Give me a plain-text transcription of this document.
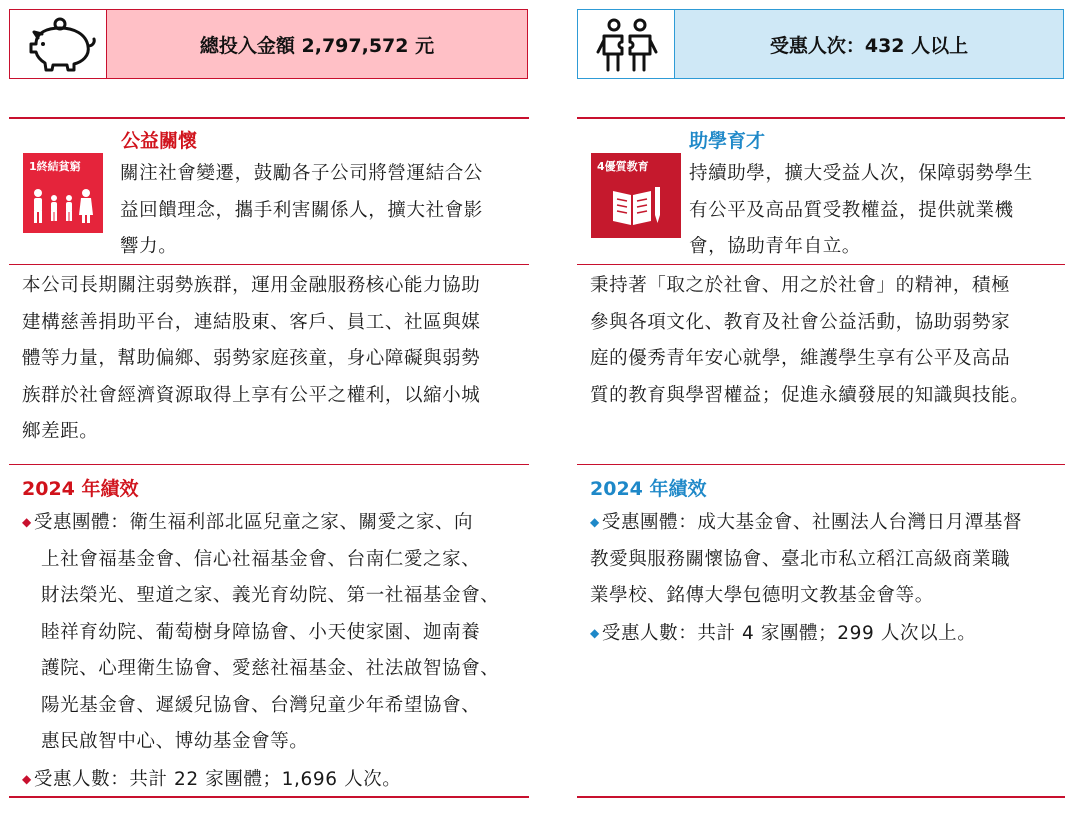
總投入金額 2,797,572 元
1終結貧窮
公益關懷
關注社會變遷，鼓勵各子公司將營運結合公
益回饋理念，攜手利害關係人，擴大社會影
響力。
本公司長期關注弱勢族群，運用金融服務核心能力協助
建構慈善捐助平台，連結股東、客戶、員工、社區與媒
體等力量，幫助偏鄉、弱勢家庭孩童，身心障礙與弱勢
族群於社會經濟資源取得上享有公平之權利，以縮小城
鄉差距。
2024 年績效
◆ 受惠團體：衛生福利部北區兒童之家、關愛之家、向
上社會福基金會、信心社福基金會、台南仁愛之家、
財法榮光、聖道之家、義光育幼院、第一社福基金會、
睦祥育幼院、葡萄樹身障協會、小天使家園、迦南養
護院、心理衛生協會、愛慈社福基金、社法啟智協會、
陽光基金會、遲緩兒協會、台灣兒童少年希望協會、
惠民啟智中心、博幼基金會等。
◆ 受惠人數：共計 22 家團體；1,696 人次。
受惠人次：432 人以上
4優質教育
助學育才
持續助學，擴大受益人次，保障弱勢學生
有公平及高品質受教權益，提供就業機
會，協助青年自立。
秉持著「取之於社會、用之於社會」的精神，積極
參與各項文化、教育及社會公益活動，協助弱勢家
庭的優秀青年安心就學，維護學生享有公平及高品
質的教育與學習權益；促進永續發展的知識與技能。
2024 年績效
◆ 受惠團體：成大基金會、社團法人台灣日月潭基督
教愛與服務關懷協會、臺北市私立稻江高級商業職
業學校、銘傳大學包德明文教基金會等。
◆ 受惠人數：共計 4 家團體；299 人次以上。
